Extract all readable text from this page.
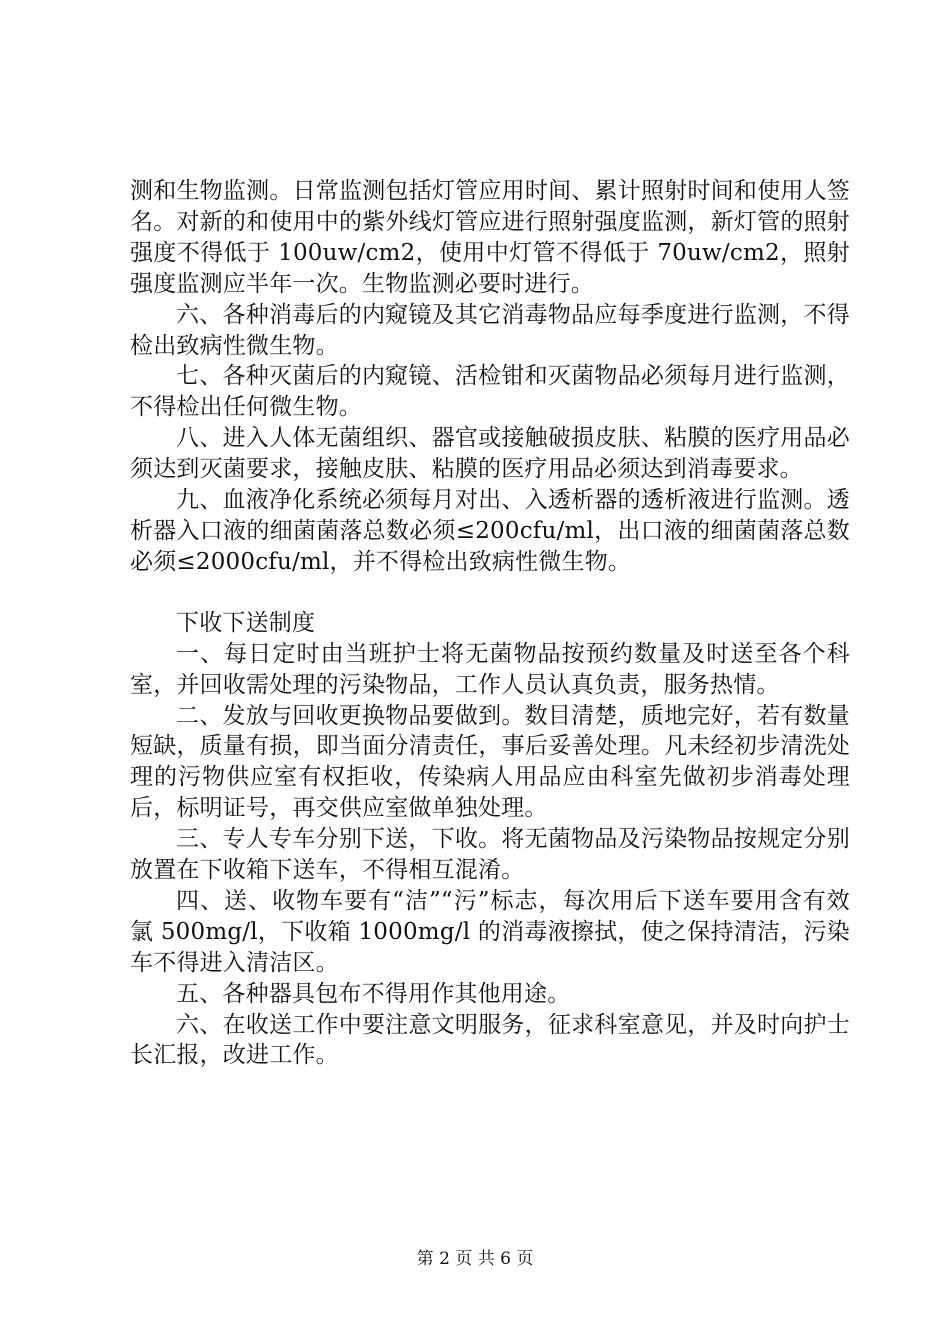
测和生物监测。日常监测包括灯管应用时间、累计照射时间和使用人签名。对新的和使用中的紫外线灯管应进行照射强度监测，新灯管的照射强度不得低于 100uw/cm2，使用中灯管不得低于 70uw/cm2，照射强度监测应半年一次。生物监测必要时进行。

六、各种消毒后的内窥镜及其它消毒物品应每季度进行监测，不得检出致病性微生物。

七、各种灭菌后的内窥镜、活检钳和灭菌物品必须每月进行监测，不得检出任何微生物。

八、进入人体无菌组织、器官或接触破损皮肤、粘膜的医疗用品必须达到灭菌要求，接触皮肤、粘膜的医疗用品必须达到消毒要求。

九、血液净化系统必须每月对出、入透析器的透析液进行监测。透析器入口液的细菌菌落总数必须≤200cfu/ml，出口液的细菌菌落总数必须≤2000cfu/ml，并不得检出致病性微生物。

下收下送制度

一、每日定时由当班护士将无菌物品按预约数量及时送至各个科室，并回收需处理的污染物品，工作人员认真负责，服务热情。

二、发放与回收更换物品要做到。数目清楚，质地完好，若有数量短缺，质量有损，即当面分清责任，事后妥善处理。凡未经初步清洗处理的污物供应室有权拒收，传染病人用品应由科室先做初步消毒处理后，标明证号，再交供应室做单独处理。

三、专人专车分别下送，下收。将无菌物品及污染物品按规定分别放置在下收箱下送车，不得相互混淆。

四、送、收物车要有“洁”“污”标志，每次用后下送车要用含有效氯 500mg/l，下收箱 1000mg/l 的消毒液擦拭，使之保持清洁，污染车不得进入清洁区。

五、各种器具包布不得用作其他用途。

六、在收送工作中要注意文明服务，征求科室意见，并及时向护士长汇报，改进工作。

第 2 页 共 6 页
